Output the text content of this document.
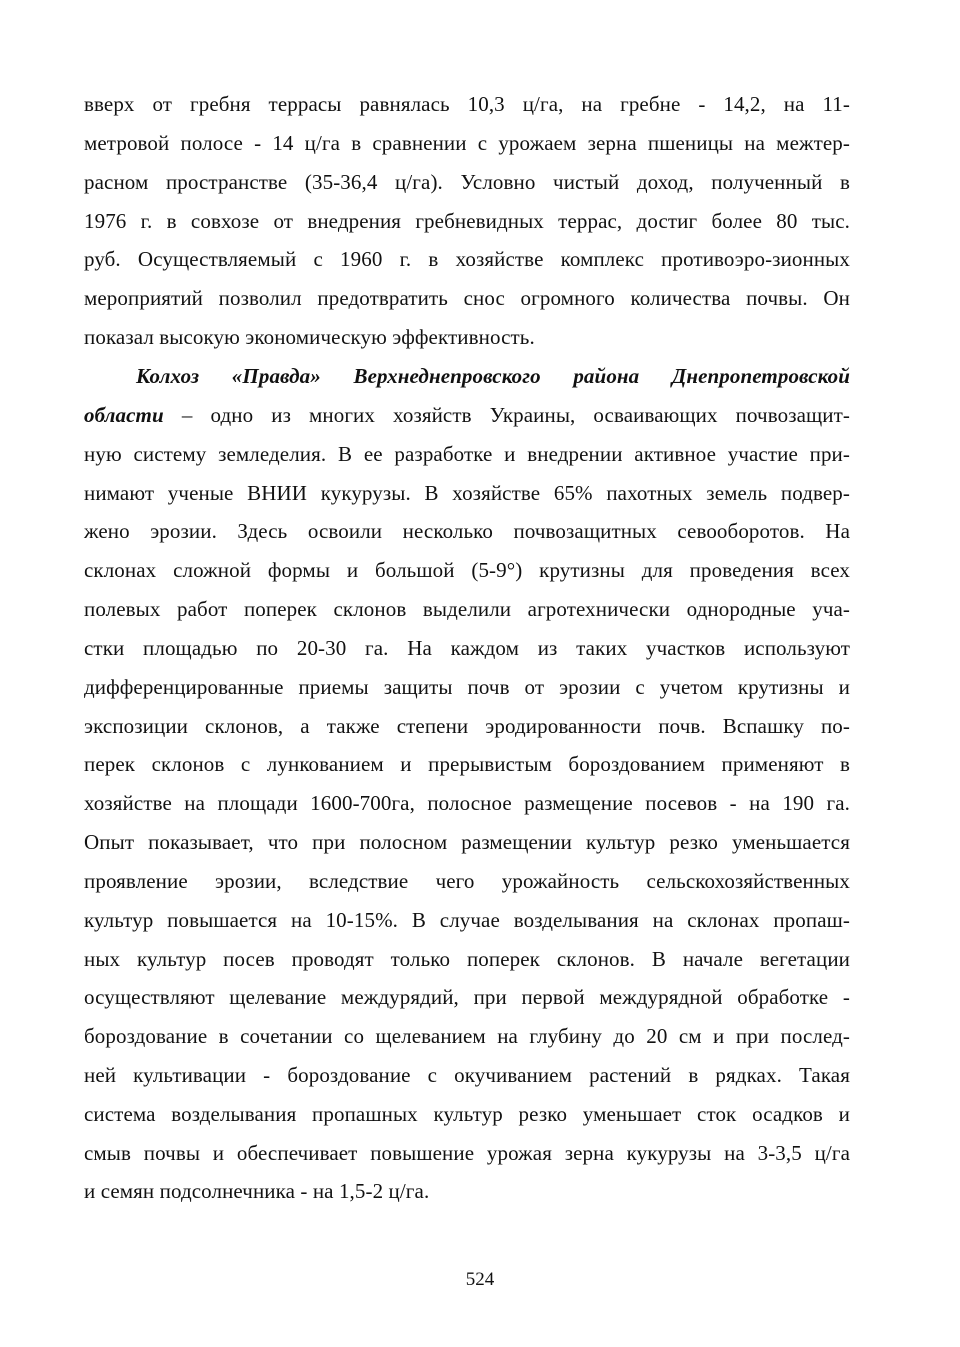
вверх от гребня террасы равнялась 10,3 ц/га, на гребне - 14,2, на 11-
метровой полосе - 14 ц/га в сравнении с урожаем зерна пшеницы на межтер-
расном пространстве (35-36,4 ц/га). Условно чистый доход, полученный в
1976 г. в совхозе от внедрения гребневидных террас, достиг более 80 тыс.
руб. Осуществляемый с 1960 г. в хозяйстве комплекс противоэро-зионных
мероприятий позволил предотвратить снос огромного количества почвы. Он
показал высокую экономическую эффективность.
Колхоз «Правда» Верхнеднепровского района Днепропетровской
области – одно из многих хозяйств Украины, осваивающих почвозащит-
ную систему земледелия. В ее разработке и внедрении активное участие при-
нимают ученые ВНИИ кукурузы. В хозяйстве 65% пахотных земель подвер-
жено эрозии. Здесь освоили несколько почвозащитных севооборотов. На
склонах сложной формы и большой (5-9°) крутизны для проведения всех
полевых работ поперек склонов выделили агротехнически однородные уча-
стки площадью по 20-30 га. На каждом из таких участков используют
дифференцированные приемы защиты почв от эрозии с учетом крутизны и
экспозиции склонов, а также степени эродированности почв. Вспашку по-
перек склонов с лункованием и прерывистым бороздованием применяют в
хозяйстве на площади 1600-700га, полосное размещение посевов - на 190 га.
Опыт показывает, что при полосном размещении культур резко уменьшается
проявление эрозии, вследствие чего урожайность сельскохозяйственных
культур повышается на 10-15%. В случае возделывания на склонах пропаш-
ных культур посев проводят только поперек склонов. В начале вегетации
осуществляют щелевание междурядий, при первой междурядной обработке -
бороздование в сочетании со щелеванием на глубину до 20 см и при послед-
ней культивации - бороздование с окучиванием растений в рядках. Такая
система возделывания пропашных культур резко уменьшает сток осадков и
смыв почвы и обеспечивает повышение урожая зерна кукурузы на 3-3,5 ц/га
и семян подсолнечника - на 1,5-2 ц/га.
524
